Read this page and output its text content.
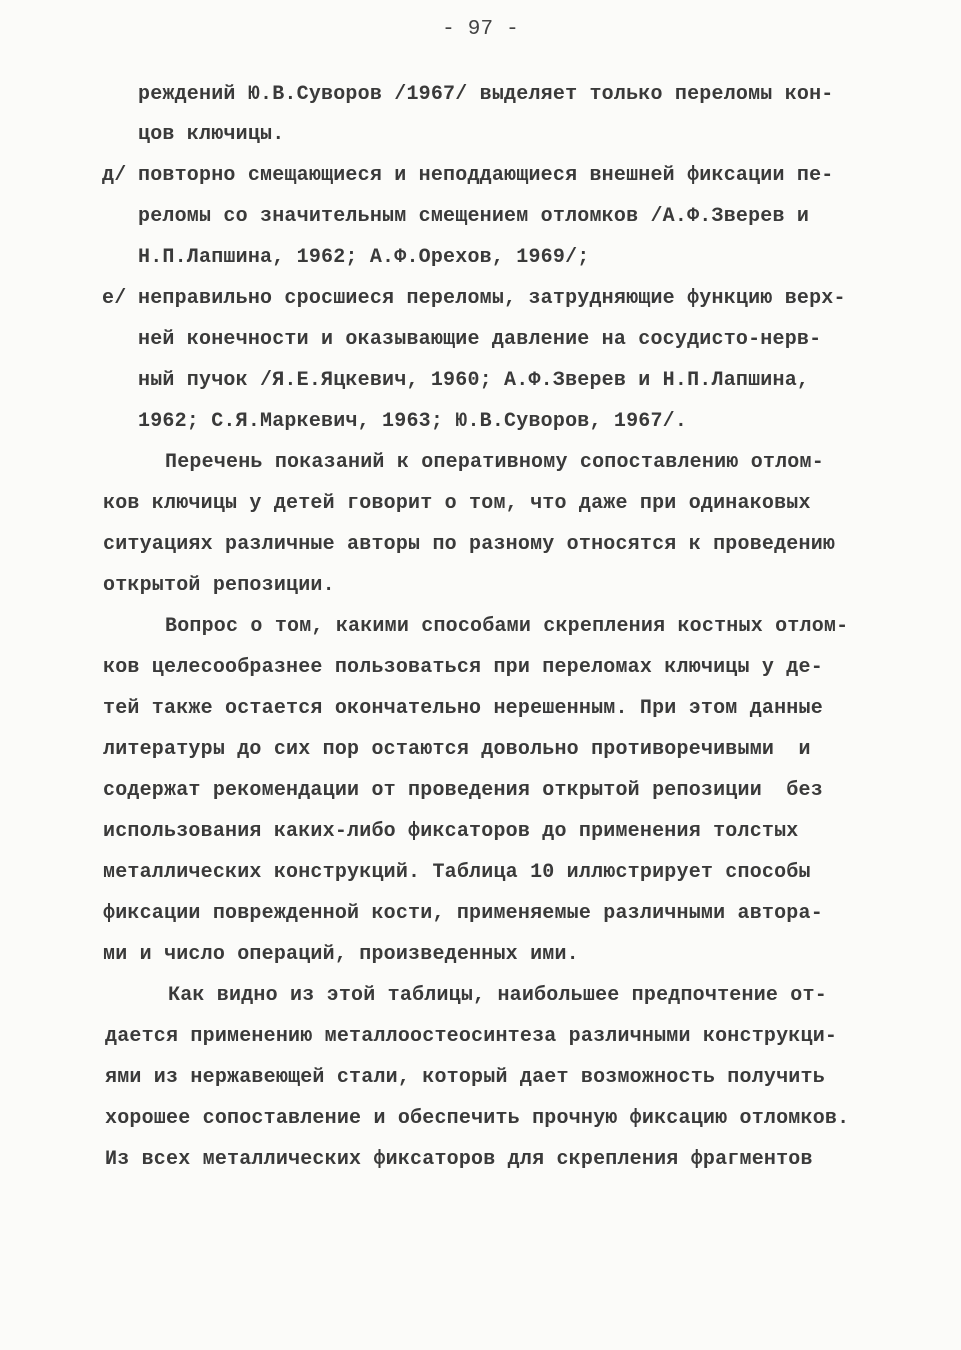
- 97 -
реждений Ю.В.Суворов /1967/ выделяет только переломы кон-
цов ключицы.
д/ повторно смещающиеся и неподдающиеся внешней фиксации пе-
реломы со значительным смещением отломков /А.Ф.Зверев и
Н.П.Лапшина, 1962; А.Ф.Орехов, 1969/;
е/ неправильно сросшиеся переломы, затрудняющие функцию верх-
ней конечности и оказывающие давление на сосудисто-нерв-
ный пучок /Я.Е.Яцкевич, 1960; А.Ф.Зверев и Н.П.Лапшина,
1962; С.Я.Маркевич, 1963; Ю.В.Суворов, 1967/.
Перечень показаний к оперативному сопоставлению отлом-
ков ключицы у детей говорит о том, что даже при одинаковых
ситуациях различные авторы по разному относятся к проведению
открытой репозиции.
Вопрос о том, какими способами скрепления костных отлом-
ков целесообразнее пользоваться при переломах ключицы у де-
тей также остается окончательно нерешенным. При этом данные
литературы до сих пор остаются довольно противоречивыми  и
содержат рекомендации от проведения открытой репозиции  без
использования каких-либо фиксаторов до применения толстых
металлических конструкций. Таблица 10 иллюстрирует способы
фиксации поврежденной кости, применяемые различными автора-
ми и число операций, произведенных ими.
Как видно из этой таблицы, наибольшее предпочтение от-
дается применению металлоостеосинтеза различными конструкци-
ями из нержавеющей стали, который дает возможность получить
хорошее сопоставление и обеспечить прочную фиксацию отломков.
Из всех металлических фиксаторов для скрепления фрагментов
